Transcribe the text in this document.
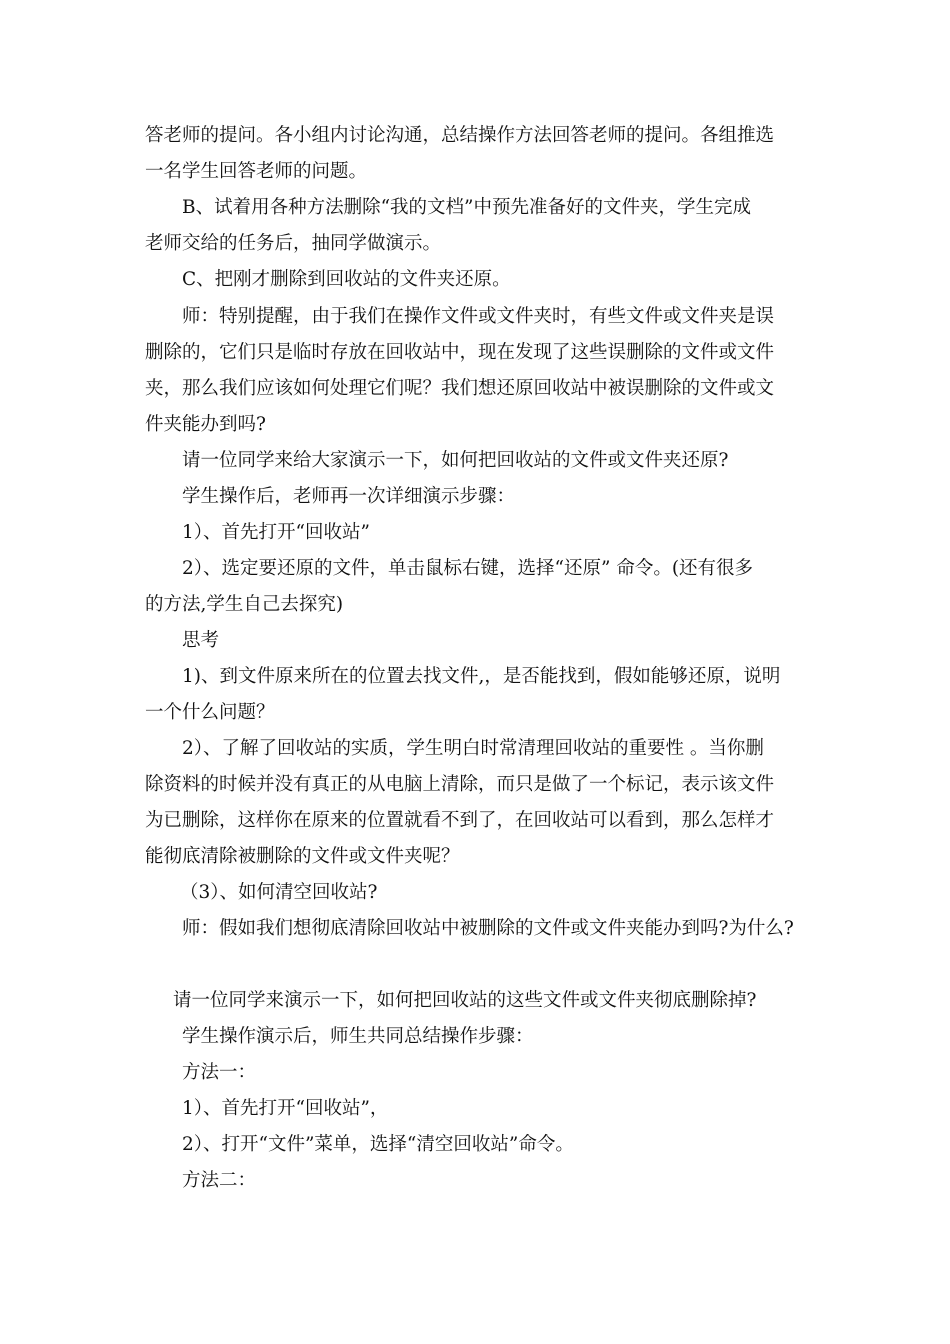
答老师的提问。各小组内讨论沟通，总结操作方法回答老师的提问。各组推选
一名学生回答老师的问题。
B、试着用各种方法删除“我的文档”中预先准备好的文件夹，学生完成
老师交给的任务后，抽同学做演示。
C、把刚才删除到回收站的文件夹还原。
师：特别提醒，由于我们在操作文件或文件夹时，有些文件或文件夹是误
删除的，它们只是临时存放在回收站中，现在发现了这些误删除的文件或文件
夹，那么我们应该如何处理它们呢？我们想还原回收站中被误删除的文件或文
件夹能办到吗?
请一位同学来给大家演示一下，如何把回收站的文件或文件夹还原?
学生操作后，老师再一次详细演示步骤：
1）、首先打开“回收站”
2）、选定要还原的文件，单击鼠标右键，选择“还原” 命令。(还有很多
的方法,学生自己去探究)
思考
1)、到文件原来所在的位置去找文件,，是否能找到，假如能够还原，说明
一个什么问题？
2）、了解了回收站的实质，学生明白时常清理回收站的重要性 。当你删
除资料的时候并没有真正的从电脑上清除，而只是做了一个标记，表示该文件
为已删除，这样你在原来的位置就看不到了，在回收站可以看到，那么怎样才
能彻底清除被删除的文件或文件夹呢？
（3）、如何清空回收站?
师：假如我们想彻底清除回收站中被删除的文件或文件夹能办到吗?为什么?
请一位同学来演示一下，如何把回收站的这些文件或文件夹彻底删除掉?
学生操作演示后，师生共同总结操作步骤：
方法一：
1）、首先打开“回收站”，
2）、打开“文件”菜单，选择“清空回收站”命令。
方法二：
